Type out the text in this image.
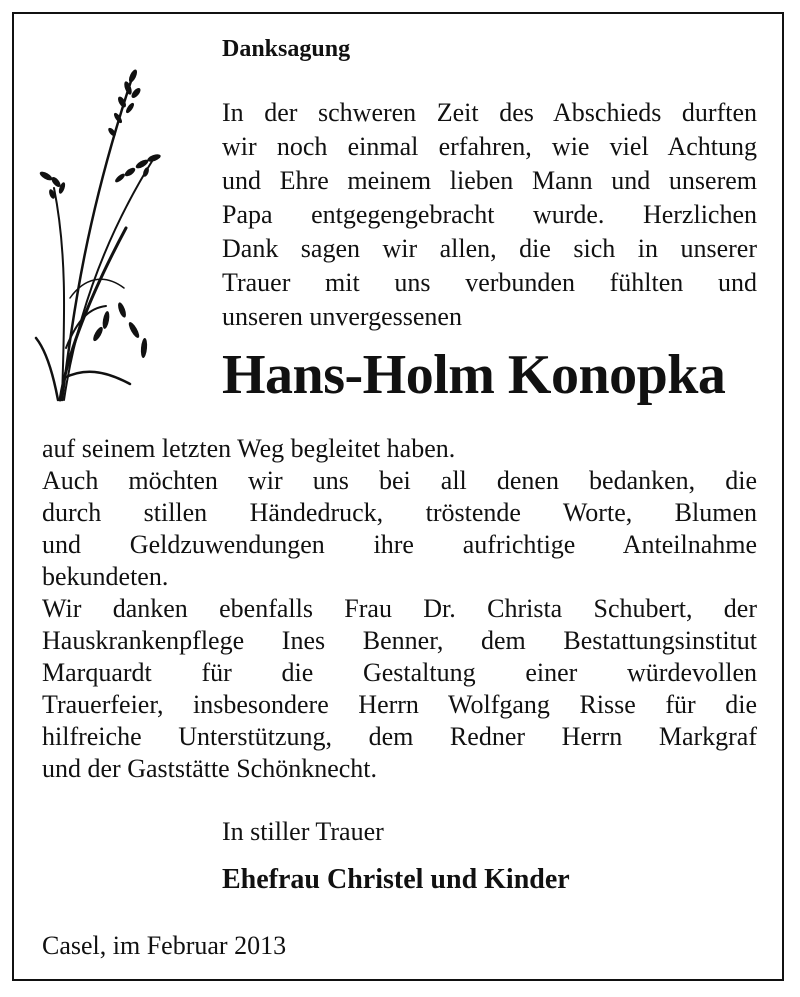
Danksagung
In der schweren Zeit des Abschieds durften
wir noch einmal erfahren, wie viel Achtung
und Ehre meinem lieben Mann und unserem
Papa entgegengebracht wurde. Herzlichen
Dank sagen wir allen, die sich in unserer
Trauer mit uns verbunden fühlten und
unseren unvergessenen
Hans-Holm Konopka
auf seinem letzten Weg begleitet haben.
Auch möchten wir uns bei all denen bedanken, die
durch stillen Händedruck, tröstende Worte, Blumen
und Geldzuwendungen ihre aufrichtige Anteilnahme
bekundeten.
Wir danken ebenfalls Frau Dr. Christa Schubert, der
Hauskrankenpflege Ines Benner, dem Bestattungsinstitut
Marquardt für die Gestaltung einer würdevollen
Trauerfeier, insbesondere Herrn Wolfgang Risse für die
hilfreiche Unterstützung, dem Redner Herrn Markgraf
und der Gaststätte Schönknecht.
In stiller Trauer
Ehefrau Christel und Kinder
Casel, im Februar 2013
